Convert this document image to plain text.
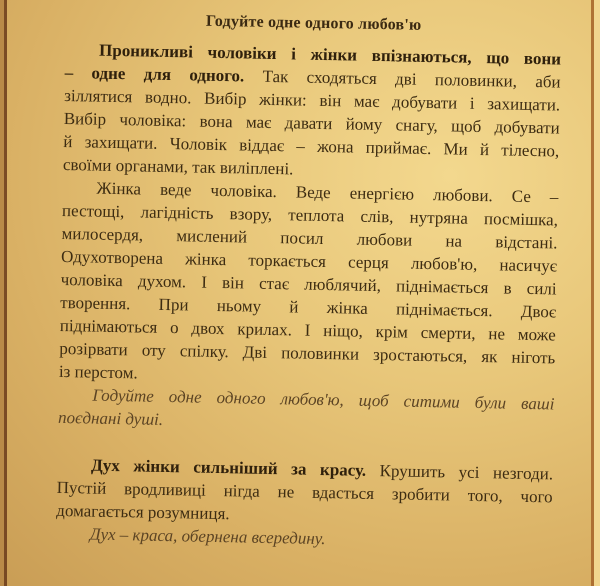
Годуйте одне одного любов'ю
Проникливі чоловіки і жінки впізнаються, що вони
– одне для одного. Так сходяться дві половинки, аби
зіллятися водно. Вибір жінки: він має добувати і захищати.
Вибір чоловіка: вона має давати йому снагу, щоб добувати
й захищати. Чоловік віддає – жона приймає. Ми й тілесно,
своїми органами, так виліплені.
Жінка веде чоловіка. Веде енергією любови. Се –
пестощі, лагідність взору, теплота слів, нутряна посмішка,
милосердя, мислений посил любови на відстані.
Одухотворена жінка торкається серця любов'ю, насичує
чоловіка духом. І він стає люблячий, піднімається в силі
творення. При ньому й жінка піднімається. Двоє
піднімаються о двох крилах. І ніщо, крім смерти, не може
розірвати оту спілку. Дві половинки зростаються, як ніготь
із перстом.
Годуйте одне одного любов'ю, щоб ситими були ваші
поєднані душі.
Дух жінки сильніший за красу. Крушить усі незгоди.
Пустій вродливиці нігда не вдасться зробити того, чого
домагається розумниця.
Дух – краса, обернена всередину.
